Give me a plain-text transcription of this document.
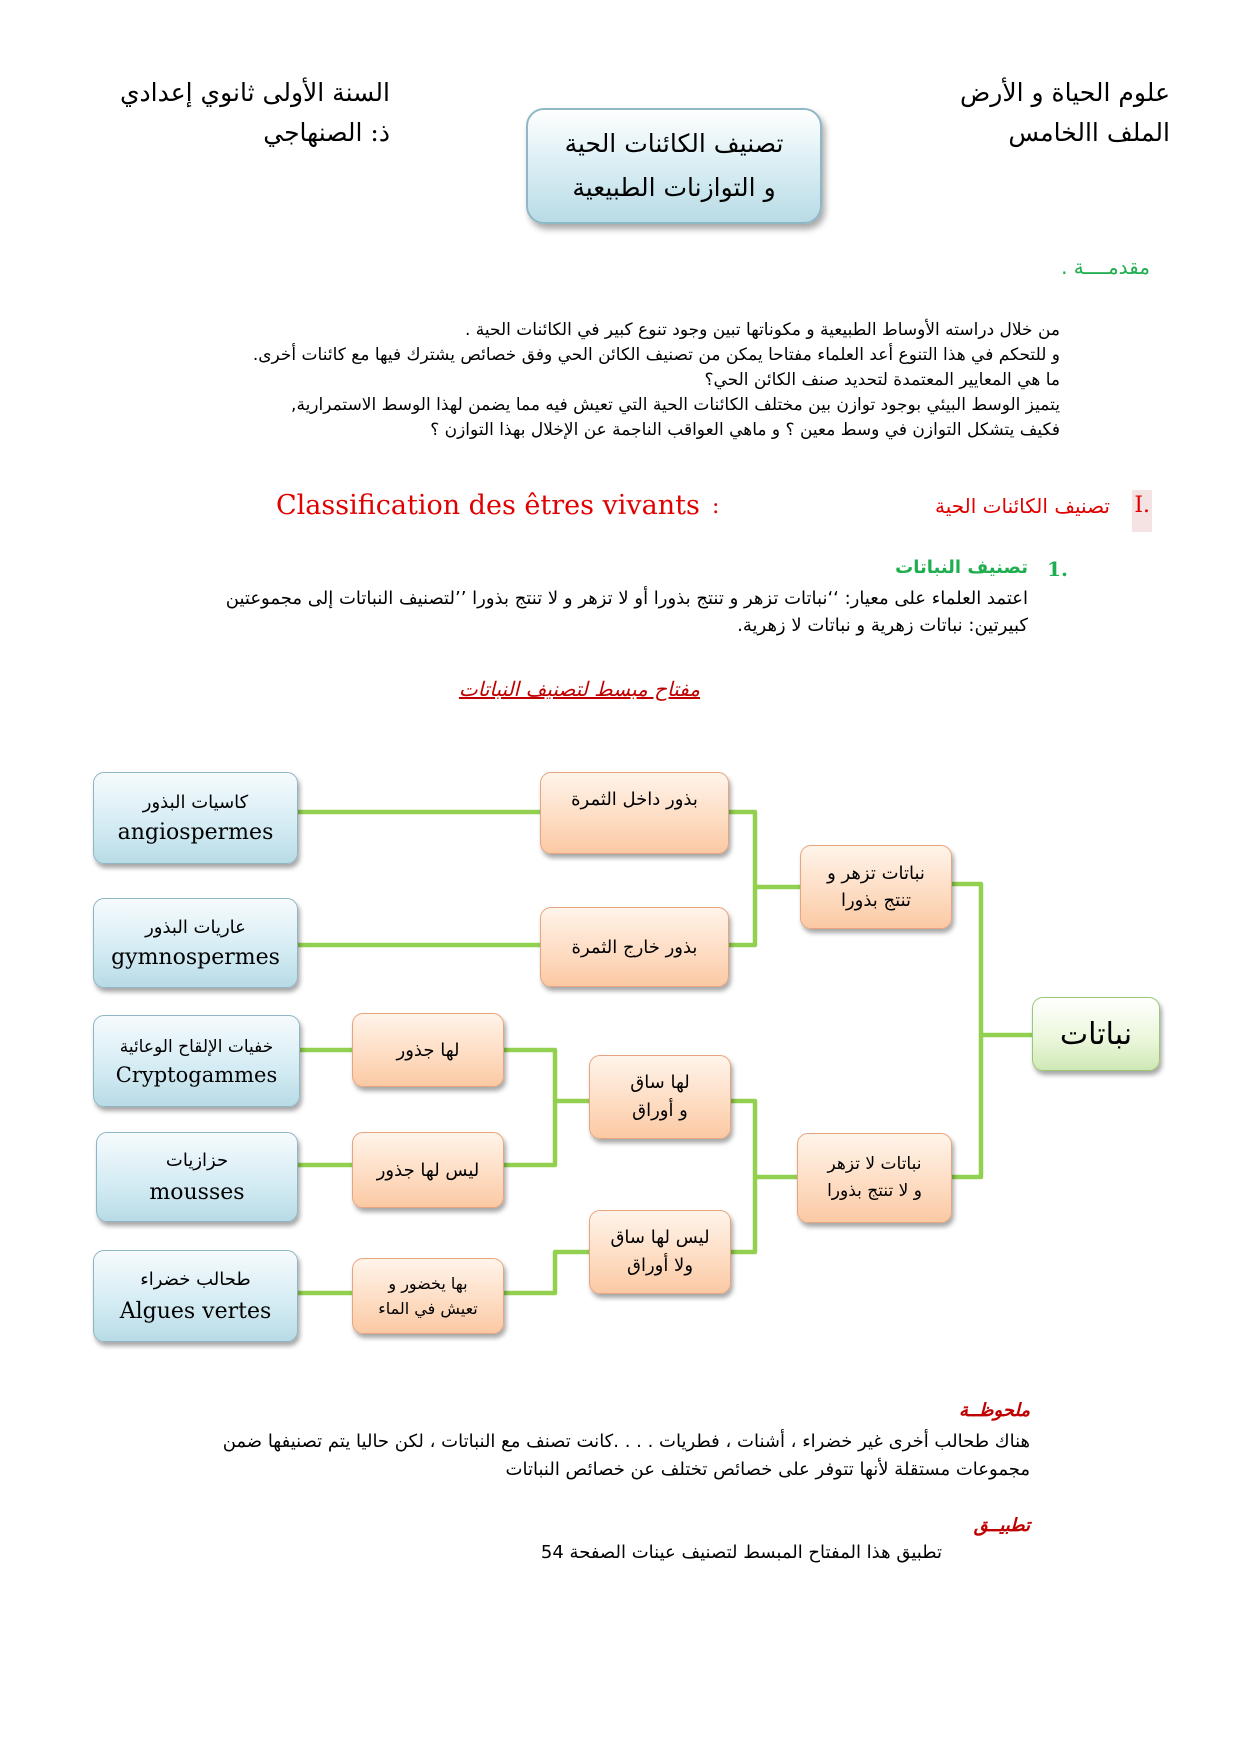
علوم الحياة و الأرض
الملف االخامس
السنة الأولى ثانوي إعدادي
ذ: الصنهاجي	تصنيف الكائنات الحية
و التوازنات الطبيعية
مقدمــــة .
من خلال دراسته الأوساط الطبيعية و مكوناتها تبين وجود تنوع كبير في الكائنات الحية .
و للتحكم في هذا التنوع أعد العلماء مفتاحا يمكن من تصنيف الكائن الحي وفق خصائص يشترك فيها مع كائنات أخرى.
ما هي المعايير المعتمدة لتحديد صنف الكائن الحي؟
يتميز الوسط البيئي بوجود توازن بين مختلف الكائنات الحية التي تعيش فيه مما يضمن لهذا الوسط الاستمرارية,
فكيف يتشكل التوازن في وسط معين ؟ و ماهي العواقب الناجمة عن الإخلال بهذا التوازن ؟
I.
تصنيف الكائنات الحية
:
Classification des êtres vivants
1.
تصنيف النباتات
اعتمد العلماء على معيار: ‘‘نباتات تزهر و تنتج بذورا أو لا تزهر و لا تنتج بذورا ’’لتصنيف النباتات إلى مجموعتين
كبيرتين: نباتات زهرية و نباتات لا زهرية.
مفتاح مبسط لتصنيف النباتات
نباتات
نباتات تزهر و
تنتج بذورا
نباتات لا تزهر
و لا تنتج بذورا
بذور داخل الثمرة
بذور خارج الثمرة
لها ساق
و أوراق
ليس لها ساق
ولا أوراق
لها جذور
ليس لها جذور
بها يخضور و
تعيش في الماء
كاسيات البذور
angiospermes
عاريات البذور
gymnospermes
خفيات الإلقاح الوعائية
Cryptogammes
حزازيات
mousses
طحالب خضراء
Algues vertes
ملحوظــة
هناك طحالب أخرى غير خضراء ، أشنات ، فطريات . . . .كانت تصنف مع النباتات ، لكن حاليا يتم تصنيفها ضمن
مجموعات مستقلة لأنها تتوفر على خصائص تختلف عن خصائص النباتات
تطبيــق
تطبيق هذا المفتاح المبسط لتصنيف عينات الصفحة 54
